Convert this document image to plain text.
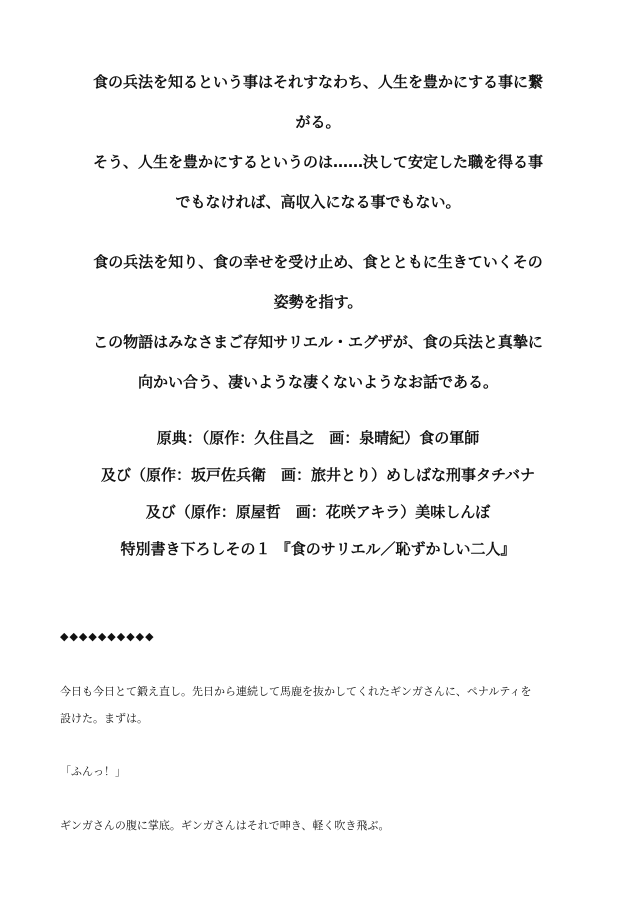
食の兵法を知るという事はそれすなわち、人生を豊かにする事に繋
がる。
そう、人生を豊かにするというのは……決して安定した職を得る事
でもなければ、高収入になる事でもない。
食の兵法を知り、食の幸せを受け止め、食とともに生きていくその
姿勢を指す。
この物語はみなさまご存知サリエル・エグザが、食の兵法と真摯に
向かい合う、凄いような凄くないようなお話である。
原典：（原作：久住昌之　画：泉晴紀）食の軍師
及び（原作：坂戸佐兵衛　画：旅井とり）めしばな刑事タチバナ
及び（原作：原屋哲　画：花咲アキラ）美味しんぼ
特別書き下ろしその１ 『食のサリエル／恥ずかしい二人』
◆◆◆◆◆◆◆◆◆◆
今日も今日とて鍛え直し。先日から連続して馬鹿を抜かしてくれたギンガさんに、ペナルティを
設けた。まずは。
「ふんっ！」
ギンガさんの腹に掌底。ギンガさんはそれで呻き、軽く吹き飛ぶ。
